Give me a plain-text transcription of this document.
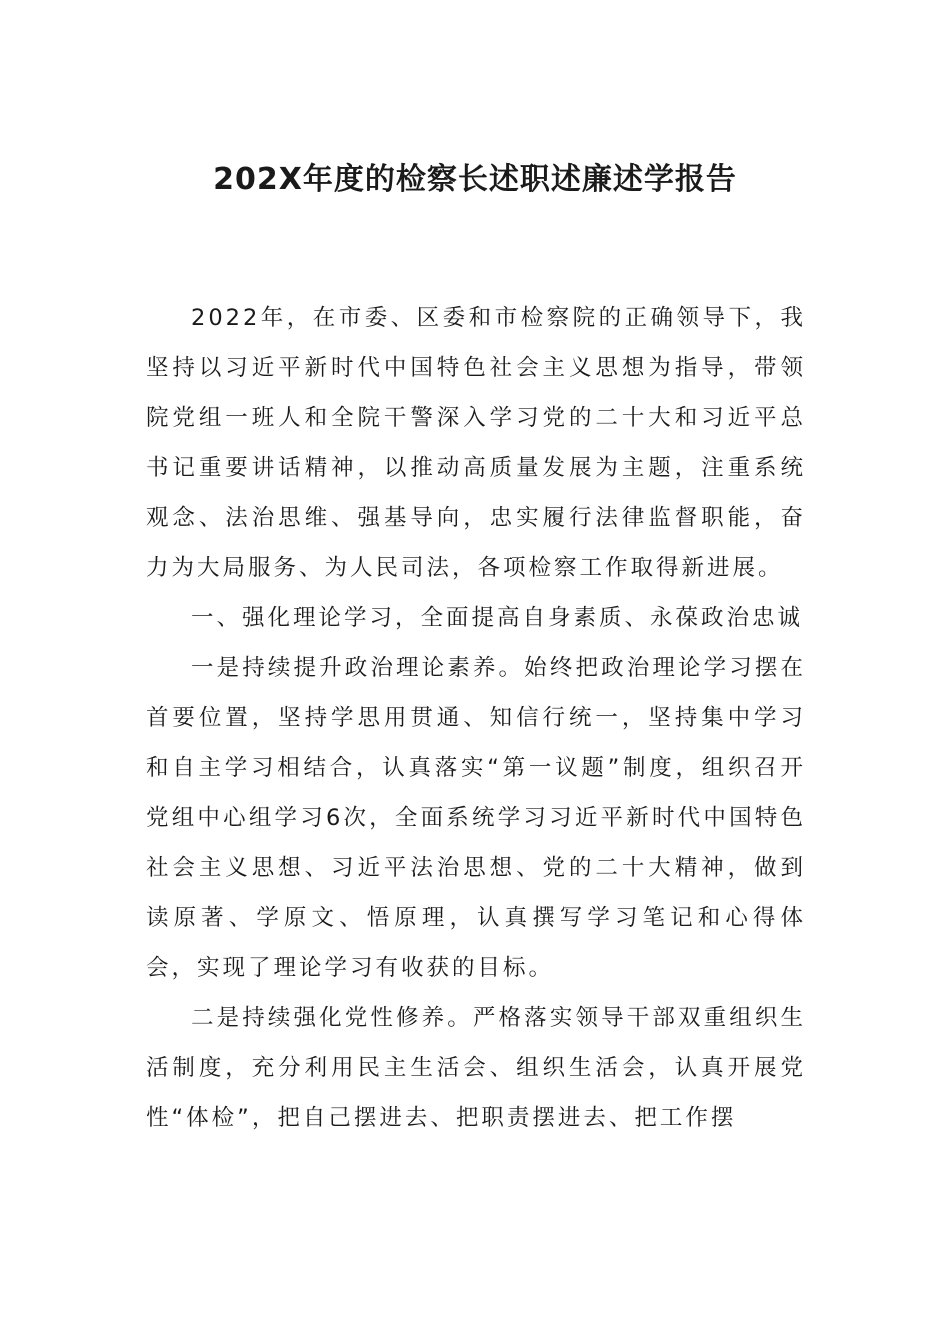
202X年度的检察长述职述廉述学报告

2022年，在市委、区委和市检察院的正确领导下，我坚持以习近平新时代中国特色社会主义思想为指导，带领院党组一班人和全院干警深入学习党的二十大和习近平总书记重要讲话精神，以推动高质量发展为主题，注重系统观念、法治思维、强基导向，忠实履行法律监督职能，奋力为大局服务、为人民司法，各项检察工作取得新进展。

一、强化理论学习，全面提高自身素质、永葆政治忠诚

一是持续提升政治理论素养。始终把政治理论学习摆在首要位置，坚持学思用贯通、知信行统一，坚持集中学习和自主学习相结合，认真落实“第一议题”制度，组织召开党组中心组学习6次，全面系统学习习近平新时代中国特色社会主义思想、习近平法治思想、党的二十大精神，做到读原著、学原文、悟原理，认真撰写学习笔记和心得体会，实现了理论学习有收获的目标。

二是持续强化党性修养。严格落实领导干部双重组织生活制度，充分利用民主生活会、组织生活会，认真开展党性“体检”，把自己摆进去、把职责摆进去、把工作摆
